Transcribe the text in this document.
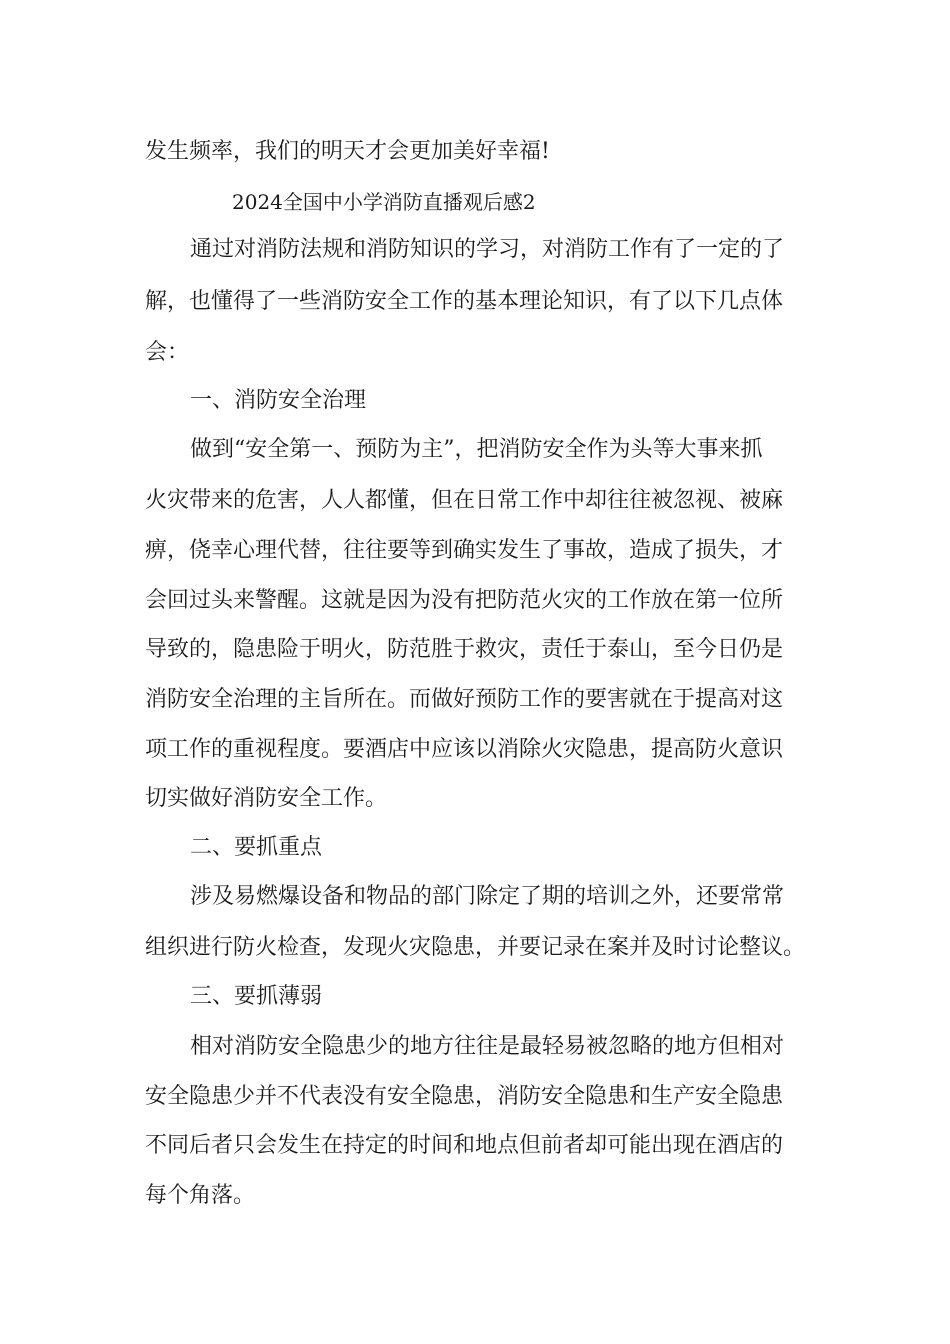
发生频率，我们的明天才会更加美好幸福!
2024全国中小学消防直播观后感2
通过对消防法规和消防知识的学习，对消防工作有了一定的了
解，也懂得了一些消防安全工作的基本理论知识，有了以下几点体
会：
一、消防安全治理
做到“安全第一、预防为主”，把消防安全作为头等大事来抓
火灾带来的危害，人人都懂，但在日常工作中却往往被忽视、被麻
痹，侥幸心理代替，往往要等到确实发生了事故，造成了损失，才
会回过头来警醒。这就是因为没有把防范火灾的工作放在第一位所
导致的，隐患险于明火，防范胜于救灾，责任于泰山，至今日仍是
消防安全治理的主旨所在。而做好预防工作的要害就在于提高对这
项工作的重视程度。要酒店中应该以消除火灾隐患，提高防火意识
切实做好消防安全工作。
二、要抓重点
涉及易燃爆设备和物品的部门除定了期的培训之外，还要常常
组织进行防火检查，发现火灾隐患，并要记录在案并及时讨论整议。
三、要抓薄弱
相对消防安全隐患少的地方往往是最轻易被忽略的地方但相对
安全隐患少并不代表没有安全隐患，消防安全隐患和生产安全隐患
不同后者只会发生在持定的时间和地点但前者却可能出现在酒店的
每个角落。
